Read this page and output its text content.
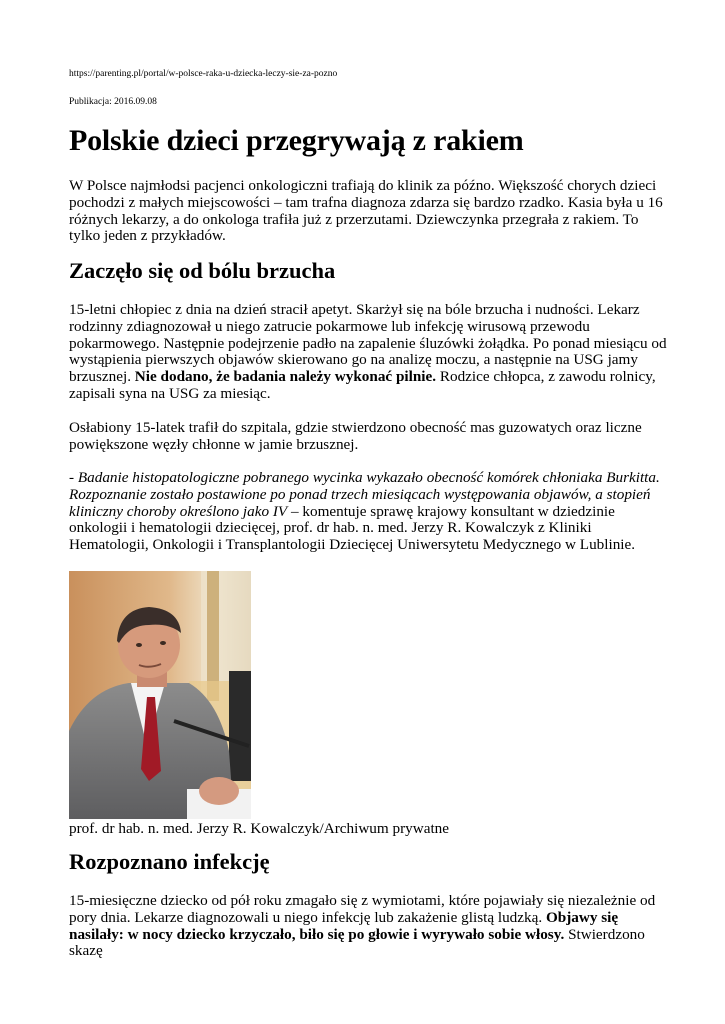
https://parenting.pl/portal/w-polsce-raka-u-dziecka-leczy-sie-za-pozno
Publikacja: 2016.09.08
Polskie dzieci przegrywają z rakiem

W Polsce najmłodsi pacjenci onkologiczni trafiają do klinik za późno. Większość chorych dzieci pochodzi z małych miejscowości – tam trafna diagnoza zdarza się bardzo rzadko. Kasia była u 16 różnych lekarzy, a do onkologa trafiła już z przerzutami. Dziewczynka przegrała z rakiem. To tylko jeden z przykładów.

Zaczęło się od bólu brzucha

15-letni chłopiec z dnia na dzień stracił apetyt. Skarżył się na bóle brzucha i nudności. Lekarz rodzinny zdiagnozował u niego zatrucie pokarmowe lub infekcję wirusową przewodu pokarmowego. Następnie podejrzenie padło na zapalenie śluzówki żołądka. Po ponad miesiącu od wystąpienia pierwszych objawów skierowano go na analizę moczu, a następnie na USG jamy brzusznej. Nie dodano, że badania należy wykonać pilnie. Rodzice chłopca, z zawodu rolnicy, zapisali syna na USG za miesiąc.

Osłabiony 15-latek trafił do szpitala, gdzie stwierdzono obecność mas guzowatych oraz liczne powiększone węzły chłonne w jamie brzusznej.

- Badanie histopatologiczne pobranego wycinka wykazało obecność komórek chłoniaka Burkitta. Rozpoznanie zostało postawione po ponad trzech miesiącach występowania objawów, a stopień kliniczny choroby określono jako IV – komentuje sprawę krajowy konsultant w dziedzinie onkologii i hematologii dziecięcej, prof. dr hab. n. med. Jerzy R. Kowalczyk z Kliniki Hematologii, Onkologii i Transplantologii Dziecięcej Uniwersytetu Medycznego w Lublinie.

prof. dr hab. n. med. Jerzy R. Kowalczyk/Archiwum prywatne
Rozpoznano infekcję

15-miesięczne dziecko od pół roku zmagało się z wymiotami, które pojawiały się niezależnie od pory dnia. Lekarze diagnozowali u niego infekcję lub zakażenie glistą ludzką. Objawy się nasilały: w nocy dziecko krzyczało, biło się po głowie i wyrywało sobie włosy. Stwierdzono skazę
